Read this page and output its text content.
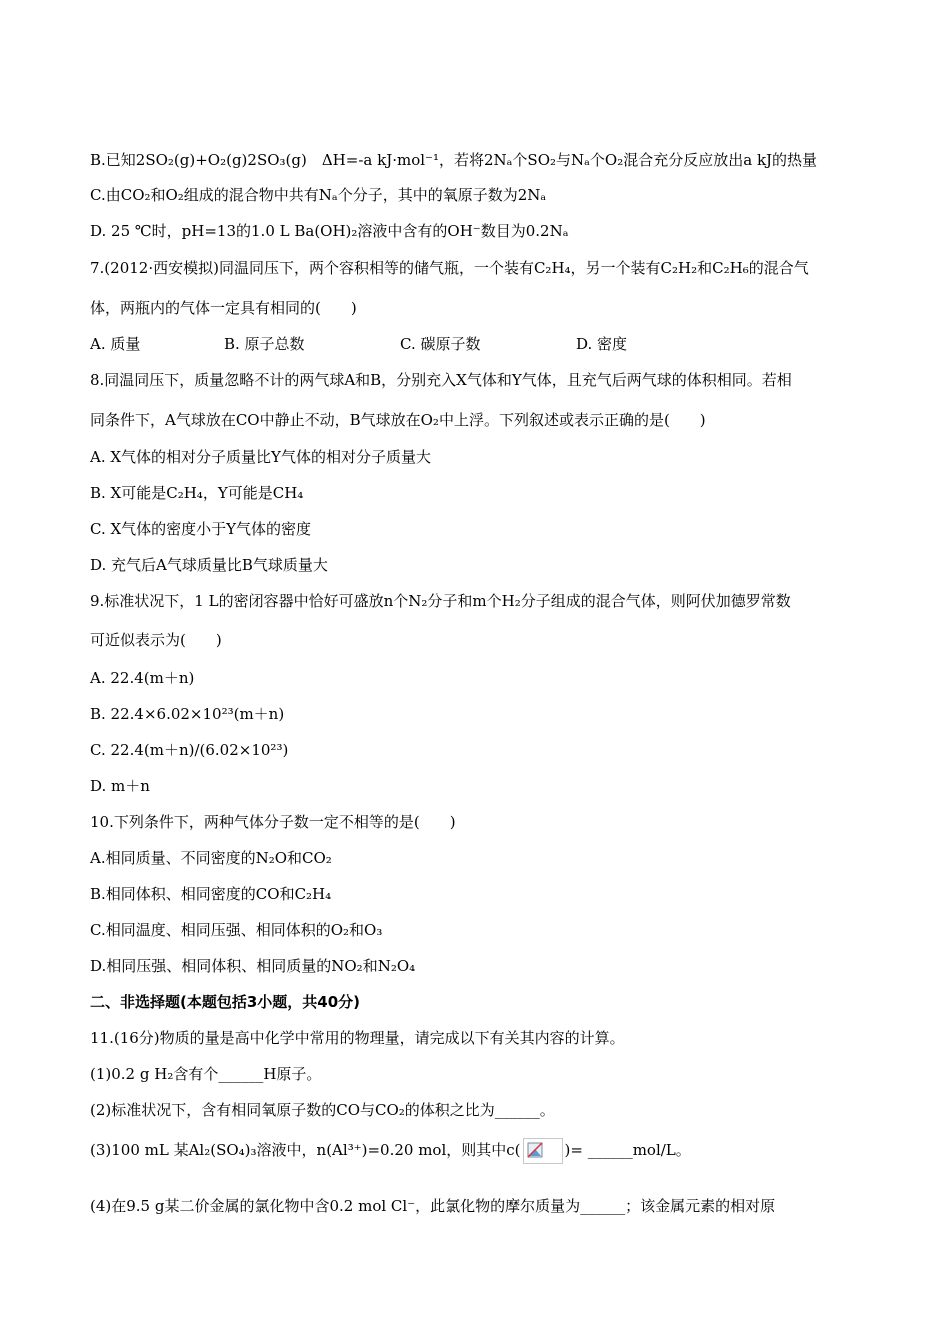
B.已知2SO₂(g)+O₂(g)2SO₃(g)　ΔH=-a kJ·mol⁻¹，若将2Nₐ个SO₂与Nₐ个O₂混合充分反应放出a kJ的热量
C.由CO₂和O₂组成的混合物中共有Nₐ个分子，其中的氧原子数为2Nₐ
D. 25 ℃时，pH=13的1.0 L Ba(OH)₂溶液中含有的OH⁻数目为0.2Nₐ
7.(2012·西安模拟)同温同压下，两个容积相等的储气瓶，一个装有C₂H₄，另一个装有C₂H₂和C₂H₆的混合气
体，两瓶内的气体一定具有相同的(　　)
A. 质量	B. 原子总数	C. 碳原子数	D. 密度
8.同温同压下，质量忽略不计的两气球A和B，分别充入X气体和Y气体，且充气后两气球的体积相同。若相
同条件下，A气球放在CO中静止不动，B气球放在O₂中上浮。下列叙述或表示正确的是(　　)
A. X气体的相对分子质量比Y气体的相对分子质量大
B. X可能是C₂H₄，Y可能是CH₄
C. X气体的密度小于Y气体的密度
D. 充气后A气球质量比B气球质量大
9.标准状况下，1 L的密闭容器中恰好可盛放n个N₂分子和m个H₂分子组成的混合气体，则阿伏加德罗常数
可近似表示为(　　)
A. 22.4(m＋n)
B. 22.4×6.02×10²³(m＋n)
C. 22.4(m＋n)/(6.02×10²³)
D. m＋n
10.下列条件下，两种气体分子数一定不相等的是(　　)
A.相同质量、不同密度的N₂O和CO₂
B.相同体积、相同密度的CO和C₂H₄
C.相同温度、相同压强、相同体积的O₂和O₃
D.相同压强、相同体积、相同质量的NO₂和N₂O₄
二、非选择题(本题包括3小题，共40分)
11.(16分)物质的量是高中化学中常用的物理量，请完成以下有关其内容的计算。
(1)0.2 g H₂含有个______H原子。
(2)标准状况下，含有相同氧原子数的CO与CO₂的体积之比为______。
(3)100 mL 某Al₂(SO₄)₃溶液中，n(Al³⁺)=0.20 mol，则其中c(	)= ______mol/L。
(4)在9.5 g某二价金属的氯化物中含0.2 mol Cl⁻，此氯化物的摩尔质量为______；该金属元素的相对原
